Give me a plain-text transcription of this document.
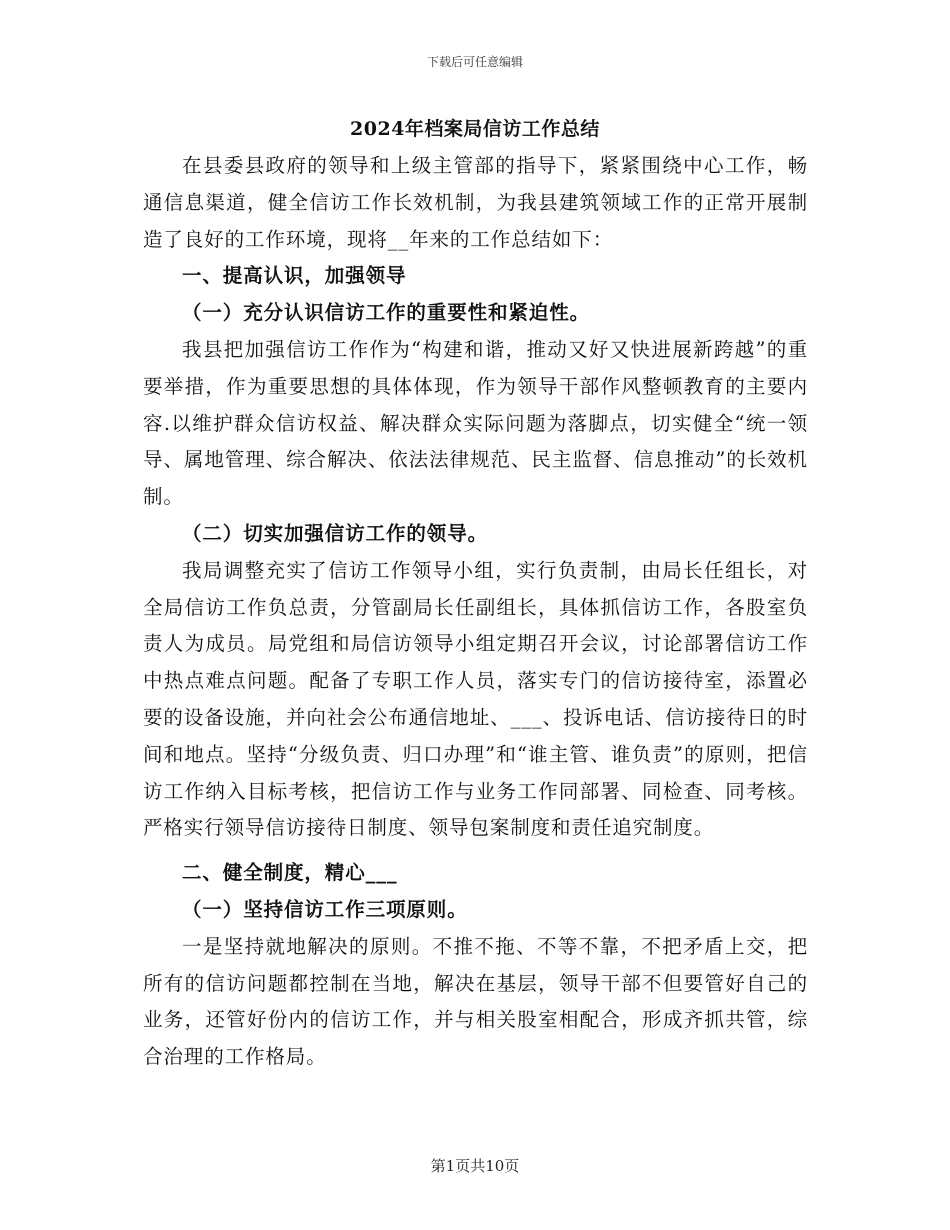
下载后可任意编辑
2024年档案局信访工作总结

在县委县政府的领导和上级主管部的指导下，紧紧围绕中心工作，畅通信息渠道，健全信访工作长效机制，为我县建筑领域工作的正常开展制造了良好的工作环境，现将__年来的工作总结如下：

一、提高认识，加强领导

（一）充分认识信访工作的重要性和紧迫性。

我县把加强信访工作作为“构建和谐，推动又好又快进展新跨越”的重要举措，作为重要思想的具体体现，作为领导干部作风整顿教育的主要内容.以维护群众信访权益、解决群众实际问题为落脚点，切实健全“统一领导、属地管理、综合解决、依法法律规范、民主监督、信息推动”的长效机制。

（二）切实加强信访工作的领导。

我局调整充实了信访工作领导小组，实行负责制，由局长任组长，对全局信访工作负总责，分管副局长任副组长，具体抓信访工作，各股室负责人为成员。局党组和局信访领导小组定期召开会议，讨论部署信访工作中热点难点问题。配备了专职工作人员，落实专门的信访接待室，添置必要的设备设施，并向社会公布通信地址、___、投诉电话、信访接待日的时间和地点。坚持“分级负责、归口办理”和“谁主管、谁负责”的原则，把信访工作纳入目标考核，把信访工作与业务工作同部署、同检查、同考核。严格实行领导信访接待日制度、领导包案制度和责任追究制度。

二、健全制度，精心___

（一）坚持信访工作三项原则。

一是坚持就地解决的原则。不推不拖、不等不靠，不把矛盾上交，把所有的信访问题都控制在当地，解决在基层，领导干部不但要管好自己的业务，还管好份内的信访工作，并与相关股室相配合，形成齐抓共管，综合治理的工作格局。

第1页共10页
